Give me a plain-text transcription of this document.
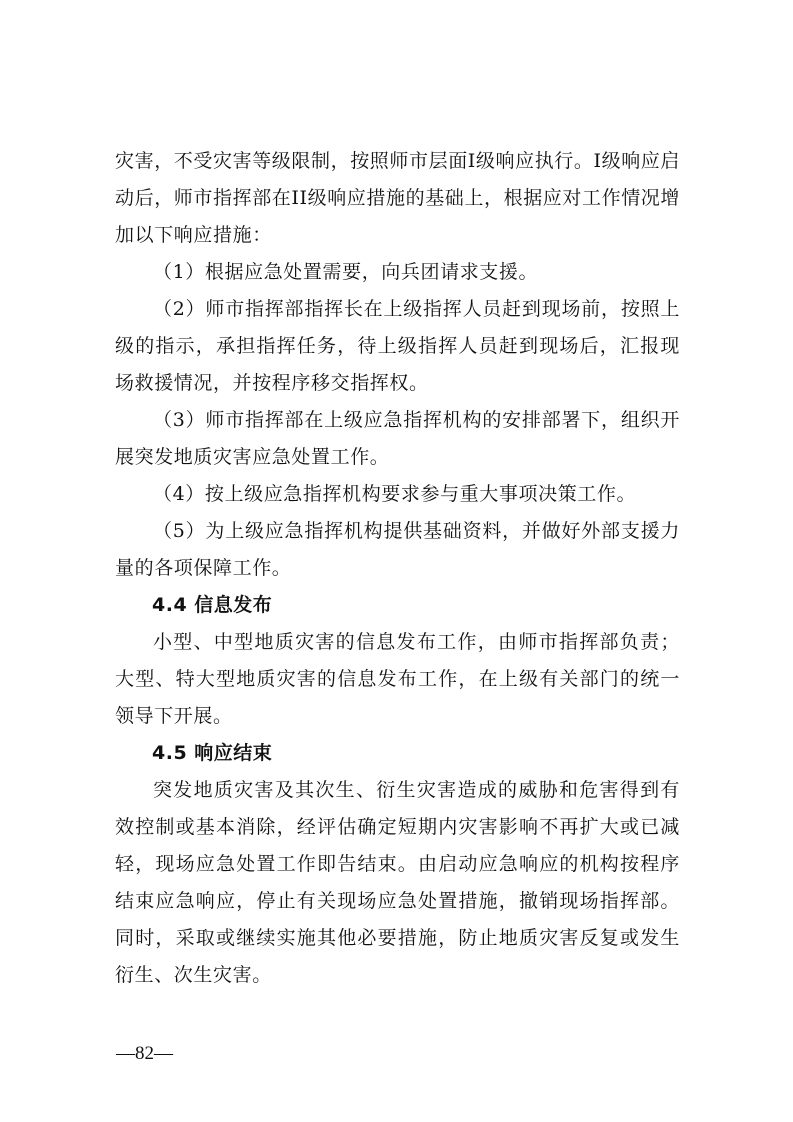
灾害，不受灾害等级限制，按照师市层面I级响应执行。I级响应启动后，师市指挥部在II级响应措施的基础上，根据应对工作情况增加以下响应措施：
（1）根据应急处置需要，向兵团请求支援。
（2）师市指挥部指挥长在上级指挥人员赶到现场前，按照上级的指示，承担指挥任务，待上级指挥人员赶到现场后，汇报现场救援情况，并按程序移交指挥权。
（3）师市指挥部在上级应急指挥机构的安排部署下，组织开展突发地质灾害应急处置工作。
（4）按上级应急指挥机构要求参与重大事项决策工作。
（5）为上级应急指挥机构提供基础资料，并做好外部支援力量的各项保障工作。
4.4 信息发布
小型、中型地质灾害的信息发布工作，由师市指挥部负责；大型、特大型地质灾害的信息发布工作，在上级有关部门的统一领导下开展。
4.5 响应结束
突发地质灾害及其次生、衍生灾害造成的威胁和危害得到有效控制或基本消除，经评估确定短期内灾害影响不再扩大或已减轻，现场应急处置工作即告结束。由启动应急响应的机构按程序结束应急响应，停止有关现场应急处置措施，撤销现场指挥部。同时，采取或继续实施其他必要措施，防止地质灾害反复或发生衍生、次生灾害。
—82—
